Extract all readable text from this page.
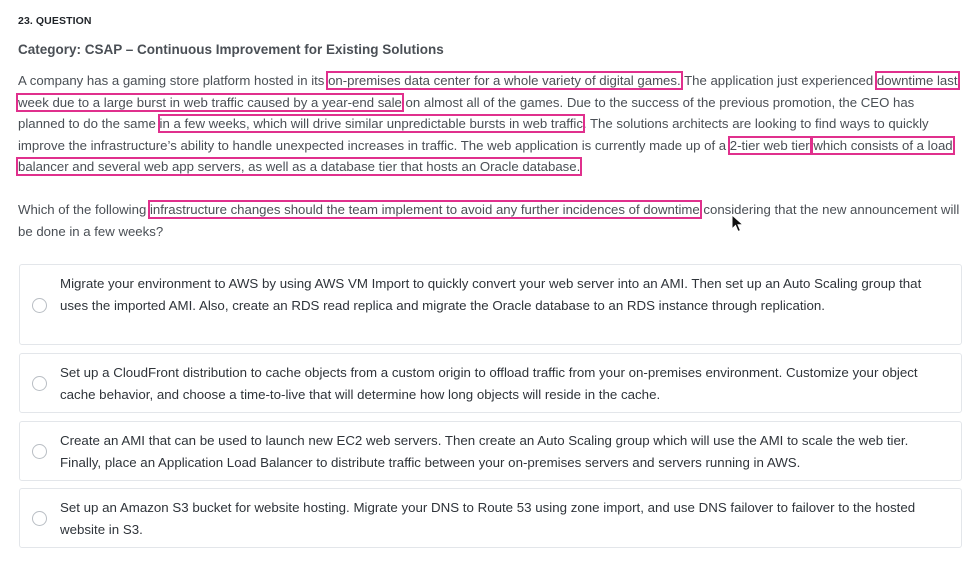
23. QUESTION
Category: CSAP – Continuous Improvement for Existing Solutions
A company has a gaming store platform hosted in its on-premises data center for a whole variety of digital games. The application just experienced downtime last week due to a large burst in web traffic caused by a year-end sale on almost all of the games. Due to the success of the previous promotion, the CEO has planned to do the same in a few weeks, which will drive similar unpredictable bursts in web traffic. The solutions architects are looking to find ways to quickly improve the infrastructure’s ability to handle unexpected increases in traffic. The web application is currently made up of a 2-tier web tier which consists of a load balancer and several web app servers, as well as a database tier that hosts an Oracle database.
Which of the following infrastructure changes should the team implement to avoid any further incidences of downtime considering that the new announcement will be done in a few weeks?
Migrate your environment to AWS by using AWS VM Import to quickly convert your web server into an AMI. Then set up an Auto Scaling group that uses the imported AMI. Also, create an RDS read replica and migrate the Oracle database to an RDS instance through replication.
Set up a CloudFront distribution to cache objects from a custom origin to offload traffic from your on-premises environment. Customize your object cache behavior, and choose a time-to-live that will determine how long objects will reside in the cache.
Create an AMI that can be used to launch new EC2 web servers. Then create an Auto Scaling group which will use the AMI to scale the web tier. Finally, place an Application Load Balancer to distribute traffic between your on-premises servers and servers running in AWS.
Set up an Amazon S3 bucket for website hosting. Migrate your DNS to Route 53 using zone import, and use DNS failover to failover to the hosted website in S3.
